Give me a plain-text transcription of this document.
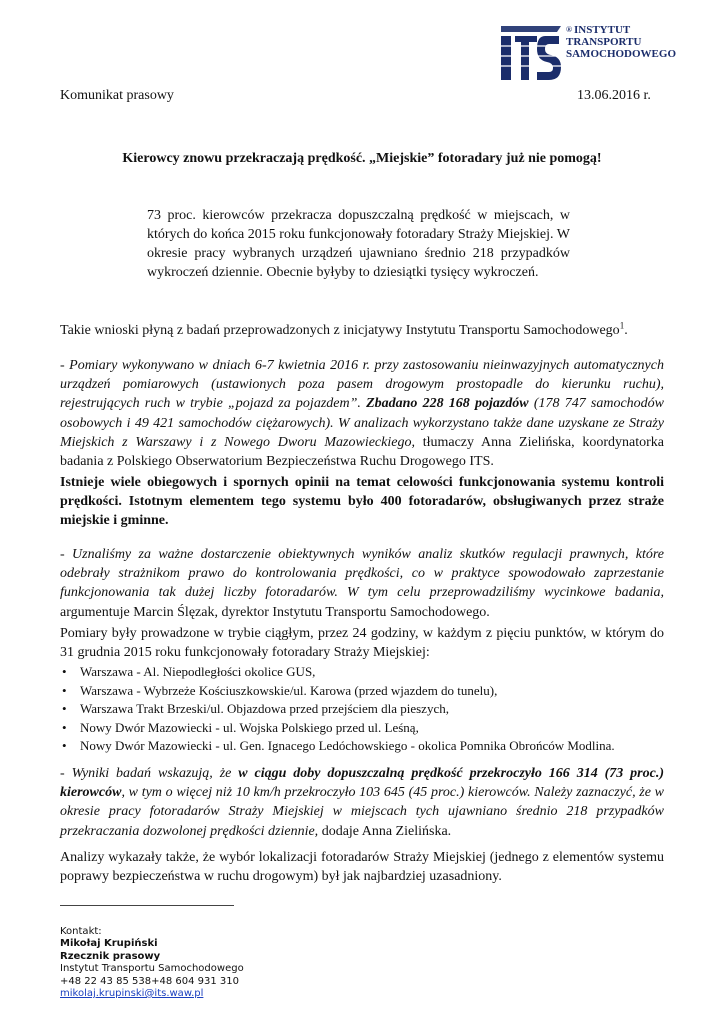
ITS
® INSTYTUT
TRANSPORTU
SAMOCHODOWEGO
Komunikat prasowy	13.06.2016 r.
Kierowcy znowu przekraczają prędkość. „Miejskie” fotoradary już nie pomogą!
73 proc. kierowców przekracza dopuszczalną prędkość w miejscach, w których do końca 2015 roku funkcjonowały fotoradary Straży Miejskiej. W okresie pracy wybranych urządzeń ujawniano średnio 218 przypadków wykroczeń dziennie. Obecnie byłyby to dziesiątki tysięcy wykroczeń.

Takie wnioski płyną z badań przeprowadzonych z inicjatywy Instytutu Transportu Samochodowego$^1$.

- Pomiary wykonywano w dniach 6-7 kwietnia 2016 r. przy zastosowaniu nieinwazyjnych automatycznych urządzeń pomiarowych (ustawionych poza pasem drogowym prostopadle do kierunku ruchu), rejestrujących ruch w trybie „pojazd za pojazdem”. Zbadano 228 168 pojazdów (178 747 samochodów osobowych i 49 421 samochodów ciężarowych). W analizach wykorzystano także dane uzyskane ze Straży Miejskich z Warszawy i z Nowego Dworu Mazowieckiego, tłumaczy Anna Zielińska, koordynatorka badania z Polskiego Obserwatorium Bezpieczeństwa Ruchu Drogowego ITS.

Istnieje wiele obiegowych i spornych opinii na temat celowości funkcjonowania systemu kontroli prędkości. Istotnym elementem tego systemu było 400 fotoradarów, obsługiwanych przez straże miejskie i gminne.

- Uznaliśmy za ważne dostarczenie obiektywnych wyników analiz skutków regulacji prawnych, które odebrały strażnikom prawo do kontrolowania prędkości, co w praktyce spowodowało zaprzestanie funkcjonowania tak dużej liczby fotoradarów. W tym celu przeprowadziliśmy wycinkowe badania, argumentuje Marcin Ślęzak, dyrektor Instytutu Transportu Samochodowego.

Pomiary były prowadzone w trybie ciągłym, przez 24 godziny, w każdym z pięciu punktów, w którym do 31 grudnia 2015 roku funkcjonowały fotoradary Straży Miejskiej:

• Warszawa - Al. Niepodległości okolice GUS,
• Warszawa - Wybrzeże Kościuszkowskie/ul. Karowa (przed wjazdem do tunelu),
• Warszawa Trakt Brzeski/ul. Objazdowa przed przejściem dla pieszych,
• Nowy Dwór Mazowiecki - ul. Wojska Polskiego przed ul. Leśną,
• Nowy Dwór Mazowiecki - ul. Gen. Ignacego Ledóchowskiego - okolica Pomnika Obrońców Modlina.

- Wyniki badań wskazują, że w ciągu doby dopuszczalną prędkość przekroczyło 166 314 (73 proc.) kierowców, w tym o więcej niż 10 km/h przekroczyło 103 645 (45 proc.) kierowców. Należy zaznaczyć, że w okresie pracy fotoradarów Straży Miejskiej w miejscach tych ujawniano średnio 218 przypadków przekraczania dozwolonej prędkości dziennie, dodaje Anna Zielińska.

Analizy wykazały także, że wybór lokalizacji fotoradarów Straży Miejskiej (jednego z elementów systemu poprawy bezpieczeństwa w ruchu drogowym) był jak najbardziej uzasadniony.

Kontakt:
Mikołaj Krupiński
Rzecznik prasowy
Instytut Transportu Samochodowego
+48 22 43 85 538+48 604 931 310
mikolaj.krupinski@its.waw.pl
